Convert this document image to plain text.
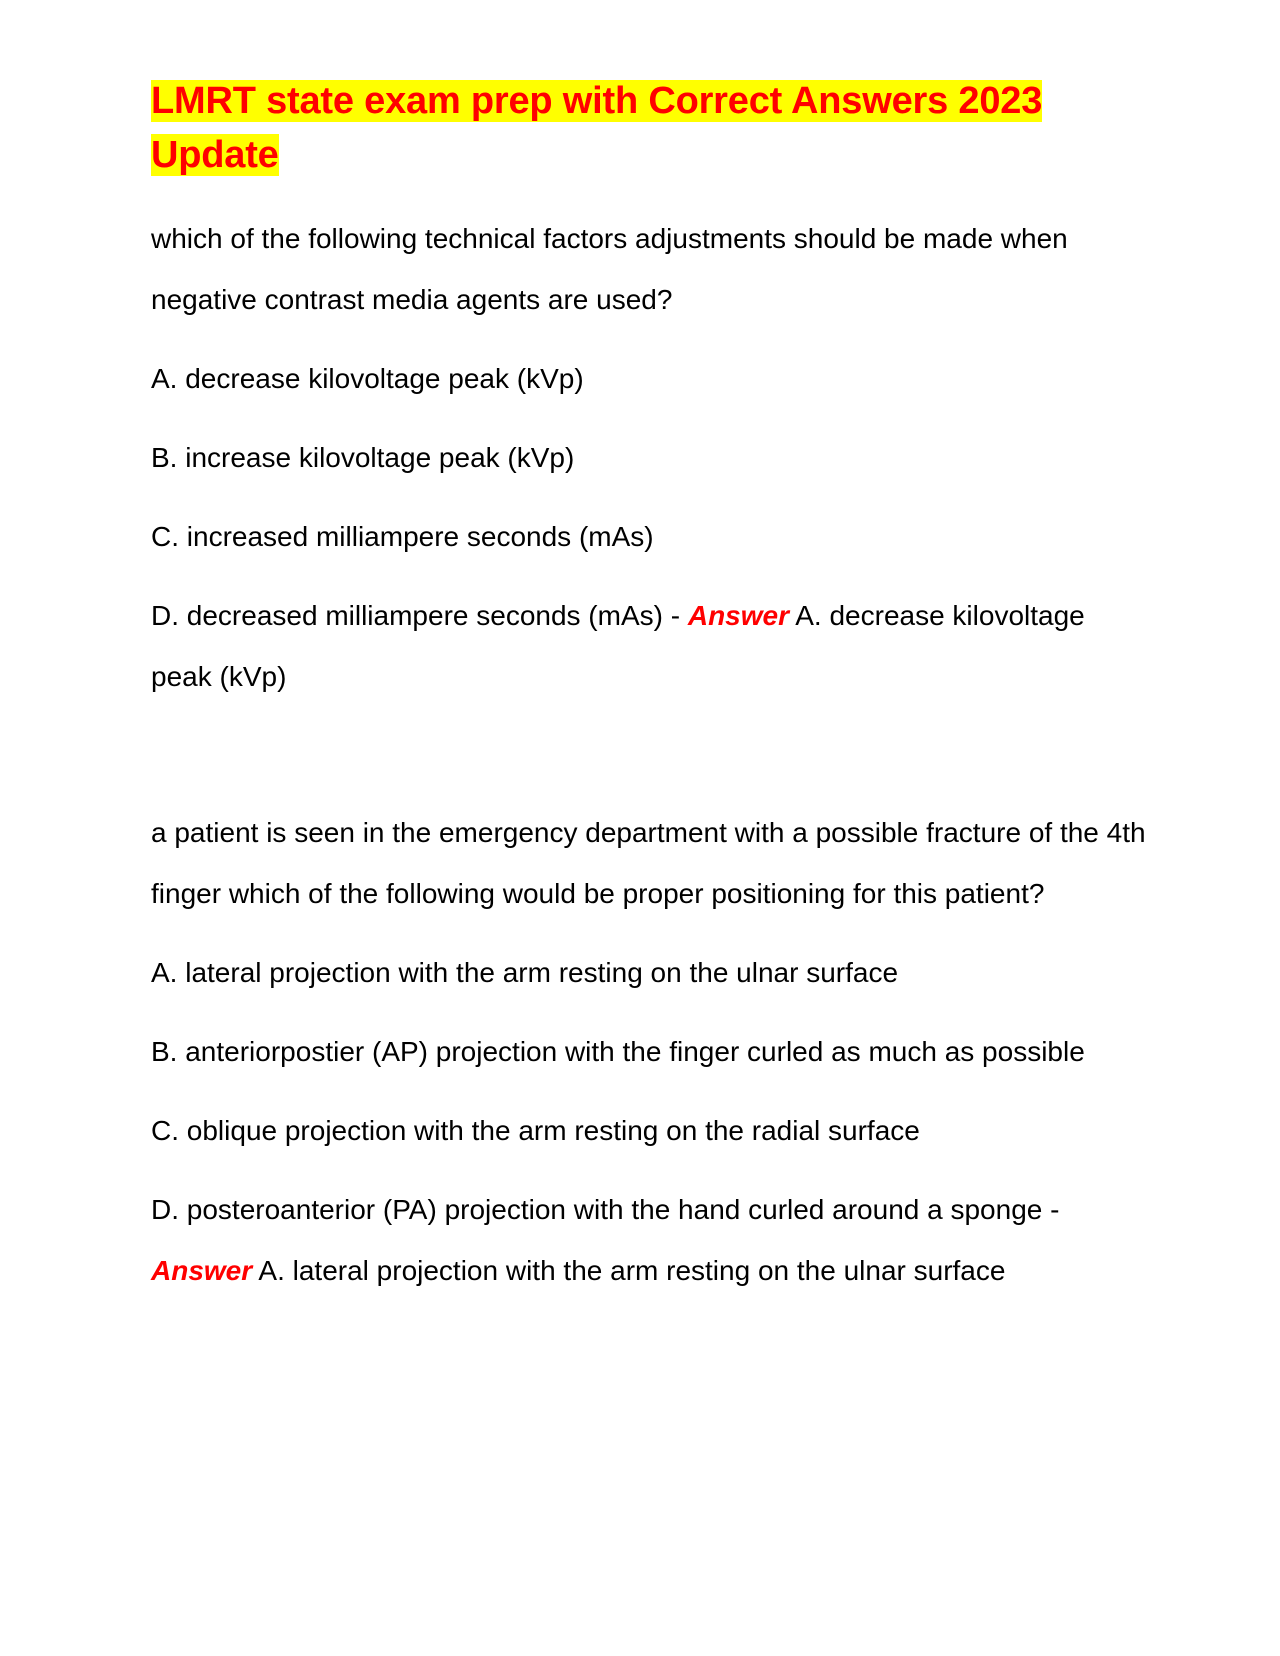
LMRT state exam prep with Correct Answers 2023 Update

which of the following technical factors adjustments should be made when negative contrast media agents are used?

A. decrease kilovoltage peak (kVp)

B. increase kilovoltage peak (kVp)

C. increased milliampere seconds (mAs)

D. decreased milliampere seconds (mAs) - Answer A. decrease kilovoltage peak (kVp)

a patient is seen in the emergency department with a possible fracture of the 4th finger which of the following would be proper positioning for this patient?

A. lateral projection with the arm resting on the ulnar surface

B. anteriorpostier (AP) projection with the finger curled as much as possible

C. oblique projection with the arm resting on the radial surface

D. posteroanterior (PA) projection with the hand curled around a sponge - Answer A. lateral projection with the arm resting on the ulnar surface
